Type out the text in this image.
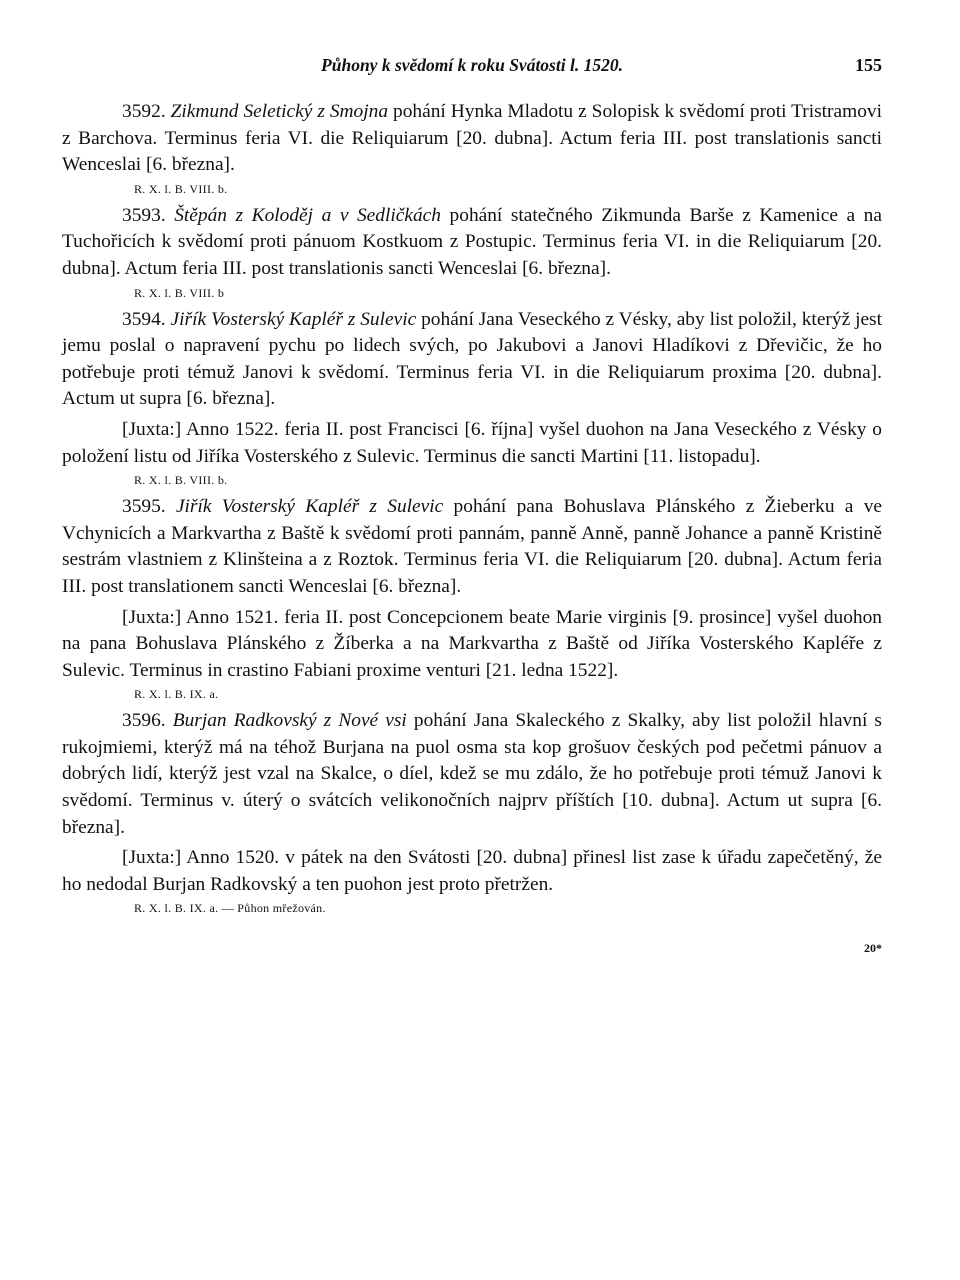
Půhony k svědomí k roku Svátosti l. 1520.	155

3592. Zikmund Seletický z Smojna pohání Hynka Mladotu z Solopisk k svědomí proti Tristramovi z Barchova. Terminus feria VI. die Reliquiarum [20. dubna]. Actum feria III. post translationis sancti Wenceslai [6. března].

R. X. l. B. VIII. b.

3593. Štěpán z Koloděj a v Sedličkách pohání statečného Zikmunda Barše z Kamenice a na Tuchořicích k svědomí proti pánuom Kostkuom z Postupic. Terminus feria VI. in die Reliquiarum [20. dubna]. Actum feria III. post translationis sancti Wenceslai [6. března].

R. X. l. B. VIII. b

3594. Jiřík Vosterský Kapléř z Sulevic pohání Jana Veseckého z Vésky, aby list položil, kterýž jest jemu poslal o napravení pychu po lidech svých, po Jakubovi a Janovi Hladíkovi z Dřevičic, že ho potřebuje proti témuž Janovi k svědomí. Terminus feria VI. in die Reliquiarum proxima [20. dubna]. Actum ut supra [6. března].

[Juxta:] Anno 1522. feria II. post Francisci [6. října] vyšel duohon na Jana Veseckého z Vésky o položení listu od Jiříka Vosterského z Sulevic. Terminus die sancti Martini [11. listopadu].

R. X. l. B. VIII. b.

3595. Jiřík Vosterský Kapléř z Sulevic pohání pana Bohuslava Plánského z Žieberku a ve Vchynicích a Markvartha z Baště k svědomí proti pannám, panně Anně, panně Johance a panně Kristině sestrám vlastniem z Klinšteina a z Roztok. Terminus feria VI. die Reliquiarum [20. dubna]. Actum feria III. post translationem sancti Wenceslai [6. března].

[Juxta:] Anno 1521. feria II. post Concepcionem beate Marie virginis [9. prosince] vyšel duohon na pana Bohuslava Plánského z Žíberka a na Markvartha z Baště od Jiříka Vosterského Kapléře z Sulevic. Terminus in crastino Fabiani proxime venturi [21. ledna 1522].

R. X. l. B. IX. a.

3596. Burjan Radkovský z Nové vsi pohání Jana Skaleckého z Skalky, aby list položil hlavní s rukojmiemi, kterýž má na téhož Burjana na puol osma sta kop grošuov českých pod pečetmi pánuov a dobrých lidí, kterýž jest vzal na Skalce, o díel, kdež se mu zdálo, že ho potřebuje proti témuž Janovi k svědomí. Terminus v. úterý o svátcích velikonočních najprv příštích [10. dubna]. Actum ut supra [6. března].

[Juxta:] Anno 1520. v pátek na den Svátosti [20. dubna] přinesl list zase k úřadu zapečetěný, že ho nedodal Burjan Radkovský a ten puohon jest proto přetržen.

R. X. l. B. IX. a. — Půhon mřežován.
20*
